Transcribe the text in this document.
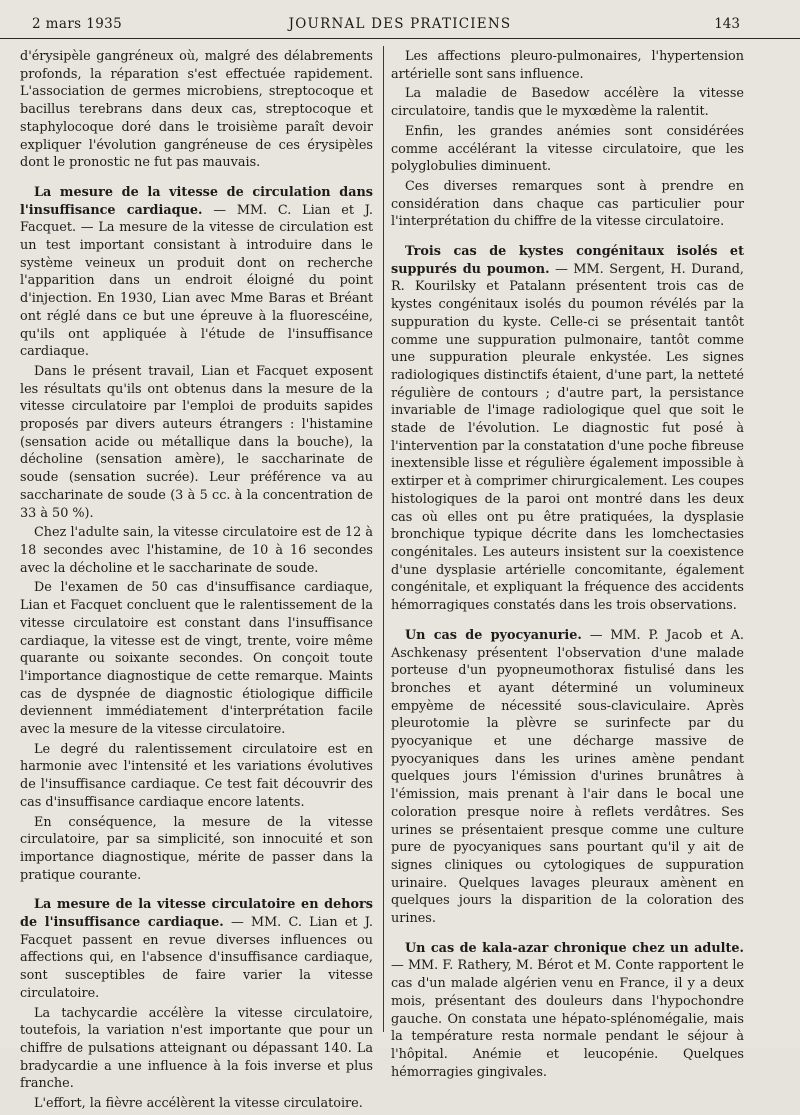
2 mars 1935	JOURNAL DES PRATICIENS	143

d'érysipèle gangréneux où, malgré des délabrements profonds, la réparation s'est effectuée rapidement. L'association de germes microbiens, streptocoque et bacillus terebrans dans deux cas, streptocoque et staphylocoque doré dans le troisième paraît devoir expliquer l'évolution gangréneuse de ces érysipèles dont le pronostic ne fut pas mauvais.

La mesure de la vitesse de circulation dans l'insuffisance cardiaque. — MM. C. Lian et J. Facquet. — La mesure de la vitesse de circulation est un test important consistant à introduire dans le système veineux un produit dont on recherche l'apparition dans un endroit éloigné du point d'injection. En 1930, Lian avec Mme Baras et Bréant ont réglé dans ce but une épreuve à la fluorescéine, qu'ils ont appliquée à l'étude de l'insuffisance cardiaque.

Dans le présent travail, Lian et Facquet exposent les résultats qu'ils ont obtenus dans la mesure de la vitesse circulatoire par l'emploi de produits sapides proposés par divers auteurs étrangers : l'histamine (sensation acide ou métallique dans la bouche), la décholine (sensation amère), le saccharinate de soude (sensation sucrée). Leur préférence va au saccharinate de soude (3 à 5 cc. à la concentration de 33 à 50 %).

Chez l'adulte sain, la vitesse circulatoire est de 12 à 18 secondes avec l'histamine, de 10 à 16 secondes avec la décholine et le saccharinate de soude.

De l'examen de 50 cas d'insuffisance cardiaque, Lian et Facquet concluent que le ralentissement de la vitesse circulatoire est constant dans l'insuffisance cardiaque, la vitesse est de vingt, trente, voire même quarante ou soixante secondes. On conçoit toute l'importance diagnostique de cette remarque. Maints cas de dyspnée de diagnostic étiologique difficile deviennent immédiatement d'interprétation facile avec la mesure de la vitesse circulatoire.

Le degré du ralentissement circulatoire est en harmonie avec l'intensité et les variations évolutives de l'insuffisance cardiaque. Ce test fait découvrir des cas d'insuffisance cardiaque encore latents.

En conséquence, la mesure de la vitesse circulatoire, par sa simplicité, son innocuité et son importance diagnostique, mérite de passer dans la pratique courante.

La mesure de la vitesse circulatoire en dehors de l'insuffisance cardiaque. — MM. C. Lian et J. Facquet passent en revue diverses influences ou affections qui, en l'absence d'insuffisance cardiaque, sont susceptibles de faire varier la vitesse circulatoire.

La tachycardie accélère la vitesse circulatoire, toutefois, la variation n'est importante que pour un chiffre de pulsations atteignant ou dépassant 140. La bradycardie a une influence à la fois inverse et plus franche.

L'effort, la fièvre accélèrent la vitesse circulatoire.

Les affections pleuro-pulmonaires, l'hypertension artérielle sont sans influence.

La maladie de Basedow accélère la vitesse circulatoire, tandis que le myxœdème la ralentit.

Enfin, les grandes anémies sont considérées comme accélérant la vitesse circulatoire, que les polyglobulies diminuent.

Ces diverses remarques sont à prendre en considération dans chaque cas particulier pour l'interprétation du chiffre de la vitesse circulatoire.

Trois cas de kystes congénitaux isolés et suppurés du poumon. — MM. Sergent, H. Durand, R. Kourilsky et Patalann présentent trois cas de kystes congénitaux isolés du poumon révélés par la suppuration du kyste. Celle-ci se présentait tantôt comme une suppuration pulmonaire, tantôt comme une suppuration pleurale enkystée. Les signes radiologiques distinctifs étaient, d'une part, la netteté régulière de contours ; d'autre part, la persistance invariable de l'image radiologique quel que soit le stade de l'évolution. Le diagnostic fut posé à l'intervention par la constatation d'une poche fibreuse inextensible lisse et régulière également impossible à extirper et à comprimer chirurgicalement. Les coupes histologiques de la paroi ont montré dans les deux cas où elles ont pu être pratiquées, la dysplasie bronchique typique décrite dans les lomchectasies congénitales. Les auteurs insistent sur la coexistence d'une dysplasie artérielle concomitante, également congénitale, et expliquant la fréquence des accidents hémorragiques constatés dans les trois observations.

Un cas de pyocyanurie. — MM. P. Jacob et A. Aschkenasy présentent l'observation d'une malade porteuse d'un pyopneumothorax fistulisé dans les bronches et ayant déterminé un volumineux empyème de nécessité sous-claviculaire. Après pleurotomie la plèvre se surinfecte par du pyocyanique et une décharge massive de pyocyaniques dans les urines amène pendant quelques jours l'émission d'urines brunâtres à l'émission, mais prenant à l'air dans le bocal une coloration presque noire à reflets verdâtres. Ses urines se présentaient presque comme une culture pure de pyocyaniques sans pourtant qu'il y ait de signes cliniques ou cytologiques de suppuration urinaire. Quelques lavages pleuraux amènent en quelques jours la disparition de la coloration des urines.

Un cas de kala-azar chronique chez un adulte. — MM. F. Rathery, M. Bérot et M. Conte rapportent le cas d'un malade algérien venu en France, il y a deux mois, présentant des douleurs dans l'hypochondre gauche. On constata une hépato-splénomégalie, mais la température resta normale pendant le séjour à l'hôpital. Anémie et leucopénie. Quelques hémorragies gingivales.
